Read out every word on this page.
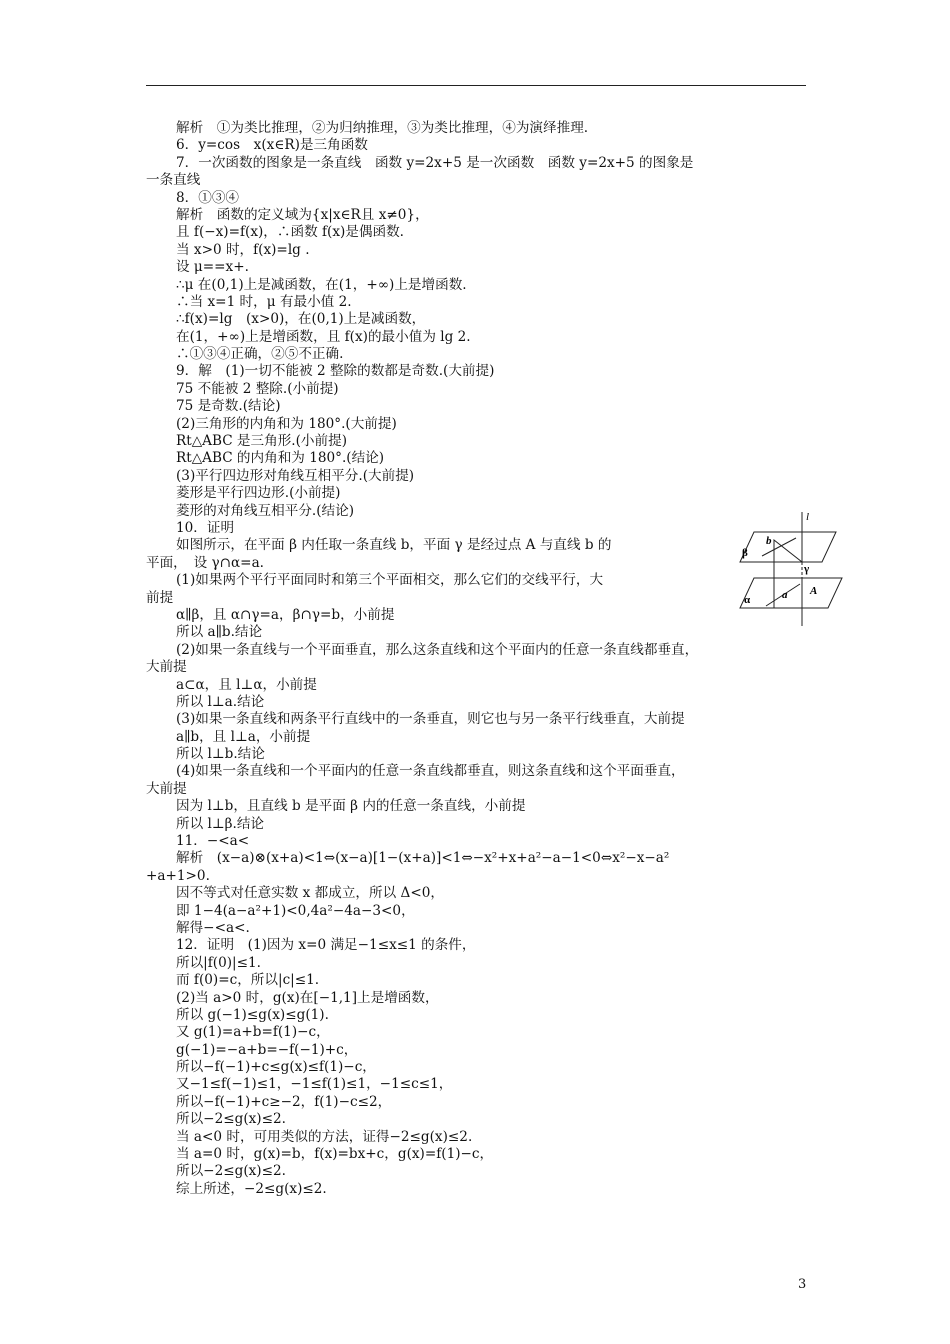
解析　①为类比推理，②为归纳推理，③为类比推理，④为演绎推理.
6．y=cos　x(x∈R)是三角函数
7．一次函数的图象是一条直线　函数 y=2x+5 是一次函数　函数 y=2x+5 的图象是
一条直线
8．①③④
解析　函数的定义域为{x|x∈R且 x≠0}，
且 f(−x)=f(x)，∴函数 f(x)是偶函数.
当 x>0 时，f(x)=lg .
设 μ==x+.
∴μ 在(0,1)上是减函数，在(1，+∞)上是增函数.
∴当 x=1 时，μ 有最小值 2.
∴f(x)=lg　(x>0)，在(0,1)上是减函数，
在(1，+∞)上是增函数，且 f(x)的最小值为 lg 2.
∴①③④正确，②⑤不正确.
9．解　(1)一切不能被 2 整除的数都是奇数.(大前提)
75 不能被 2 整除.(小前提)
75 是奇数.(结论)
(2)三角形的内角和为 180°.(大前提)
Rt△ABC 是三角形.(小前提)
Rt△ABC 的内角和为 180°.(结论)
(3)平行四边形对角线互相平分.(大前提)
菱形是平行四边形.(小前提)
菱形的对角线互相平分.(结论)
10．证明
如图所示，在平面 β 内任取一条直线 b，平面 γ 是经过点 A 与直线 b 的
平面，　设 γ∩α=a.
(1)如果两个平行平面同时和第三个平面相交，那么它们的交线平行，大
前提
α∥β，且 α∩γ=a，β∩γ=b，小前提
所以 a∥b.结论
(2)如果一条直线与一个平面垂直，那么这条直线和这个平面内的任意一条直线都垂直，
大前提
a⊂α，且 l⊥α，小前提
所以 l⊥a.结论
(3)如果一条直线和两条平行直线中的一条垂直，则它也与另一条平行线垂直，大前提
a∥b，且 l⊥a，小前提
所以 l⊥b.结论
(4)如果一条直线和一个平面内的任意一条直线都垂直，则这条直线和这个平面垂直，
大前提
因为 l⊥b，且直线 b 是平面 β 内的任意一条直线，小前提
所以 l⊥β.结论
11．−<a<
解析　(x−a)⊗(x+a)<1⇔(x−a)[1−(x+a)]<1⇔−x²+x+a²−a−1<0⇔x²−x−a²
+a+1>0.
因不等式对任意实数 x 都成立，所以 Δ<0，
即 1−4(a−a²+1)<0,4a²−4a−3<0，
解得−<a<.
12．证明　(1)因为 x=0 满足−1≤x≤1 的条件，
所以|f(0)|≤1.
而 f(0)=c，所以|c|≤1.
(2)当 a>0 时，g(x)在[−1,1]上是增函数，
所以 g(−1)≤g(x)≤g(1).
又 g(1)=a+b=f(1)−c，
g(−1)=−a+b=−f(−1)+c，
所以−f(−1)+c≤g(x)≤f(1)−c，
又−1≤f(−1)≤1，−1≤f(1)≤1，−1≤c≤1，
所以−f(−1)+c≥−2，f(1)−c≤2，
所以−2≤g(x)≤2.
当 a<0 时，可用类似的方法，证得−2≤g(x)≤2.
当 a=0 时，g(x)=b，f(x)=bx+c，g(x)=f(1)−c，
所以−2≤g(x)≤2.
综上所述，−2≤g(x)≤2.
l
b
β
γ
α	a A
3
